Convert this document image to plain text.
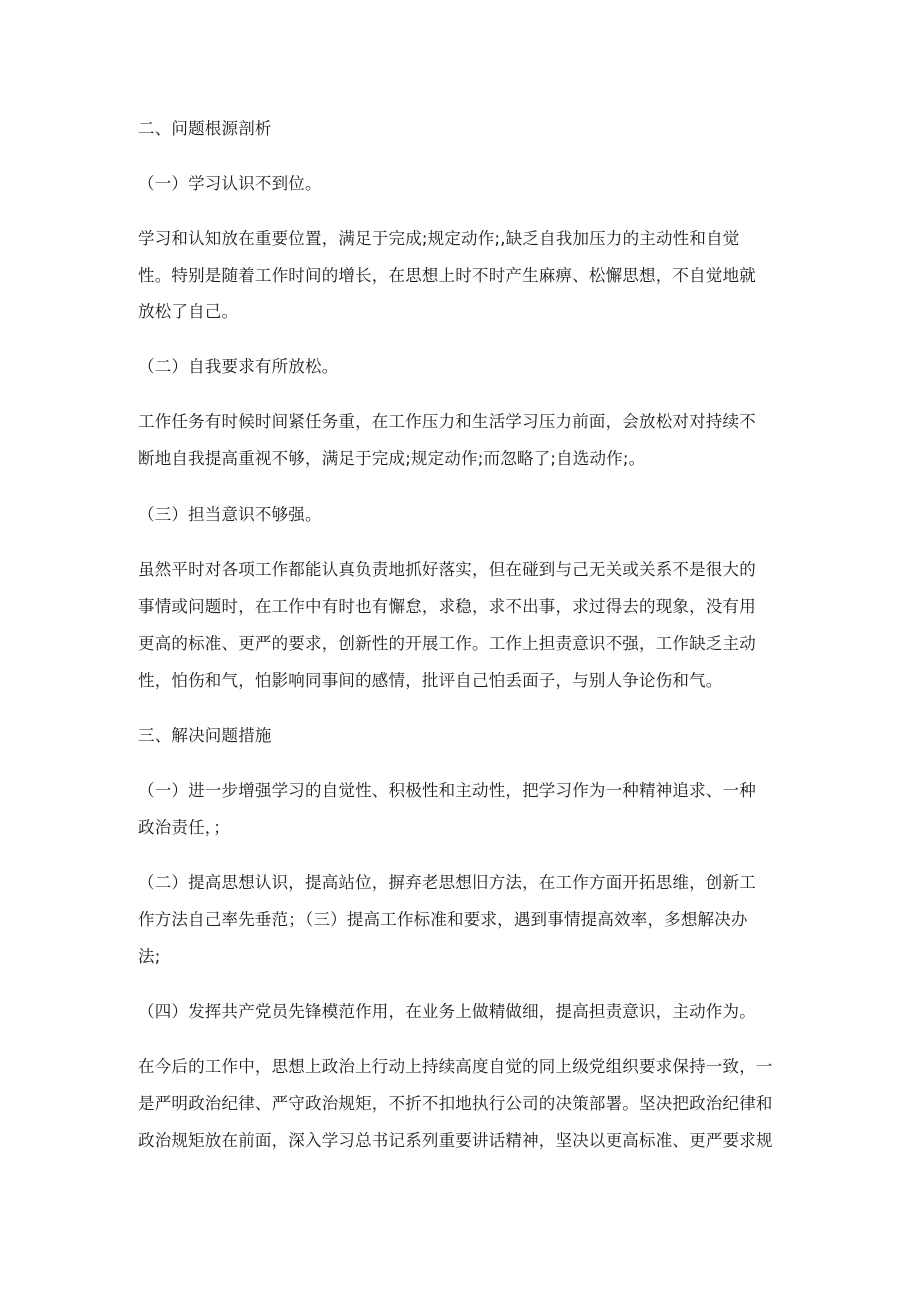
二、问题根源剖析
（一）学习认识不到位。
学习和认知放在重要位置，满足于完成;规定动作;,缺乏自我加压力的主动性和自觉
性。特别是随着工作时间的增长，在思想上时不时产生麻痹、松懈思想，不自觉地就
放松了自己。
（二）自我要求有所放松。
工作任务有时候时间紧任务重，在工作压力和生活学习压力前面，会放松对对持续不
断地自我提高重视不够，满足于完成;规定动作;而忽略了;自选动作;。
（三）担当意识不够强。
虽然平时对各项工作都能认真负责地抓好落实，但在碰到与己无关或关系不是很大的
事情或问题时，在工作中有时也有懈怠，求稳，求不出事，求过得去的现象，没有用
更高的标准、更严的要求，创新性的开展工作。工作上担责意识不强，工作缺乏主动
性，怕伤和气，怕影响同事间的感情，批评自己怕丢面子，与别人争论伤和气。
三、解决问题措施
（一）进一步增强学习的自觉性、积极性和主动性，把学习作为一种精神追求、一种
政治责任，；
（二）提高思想认识，提高站位，摒弃老思想旧方法，在工作方面开拓思维，创新工
作方法自己率先垂范；（三）提高工作标准和要求，遇到事情提高效率，多想解决办
法;
（四）发挥共产党员先锋模范作用，在业务上做精做细，提高担责意识，主动作为。
在今后的工作中，思想上政治上行动上持续高度自觉的同上级党组织要求保持一致，一
是严明政治纪律、严守政治规矩，不折不扣地执行公司的决策部署。坚决把政治纪律和
政治规矩放在前面，深入学习总书记系列重要讲话精神，坚决以更高标准、更严要求规
